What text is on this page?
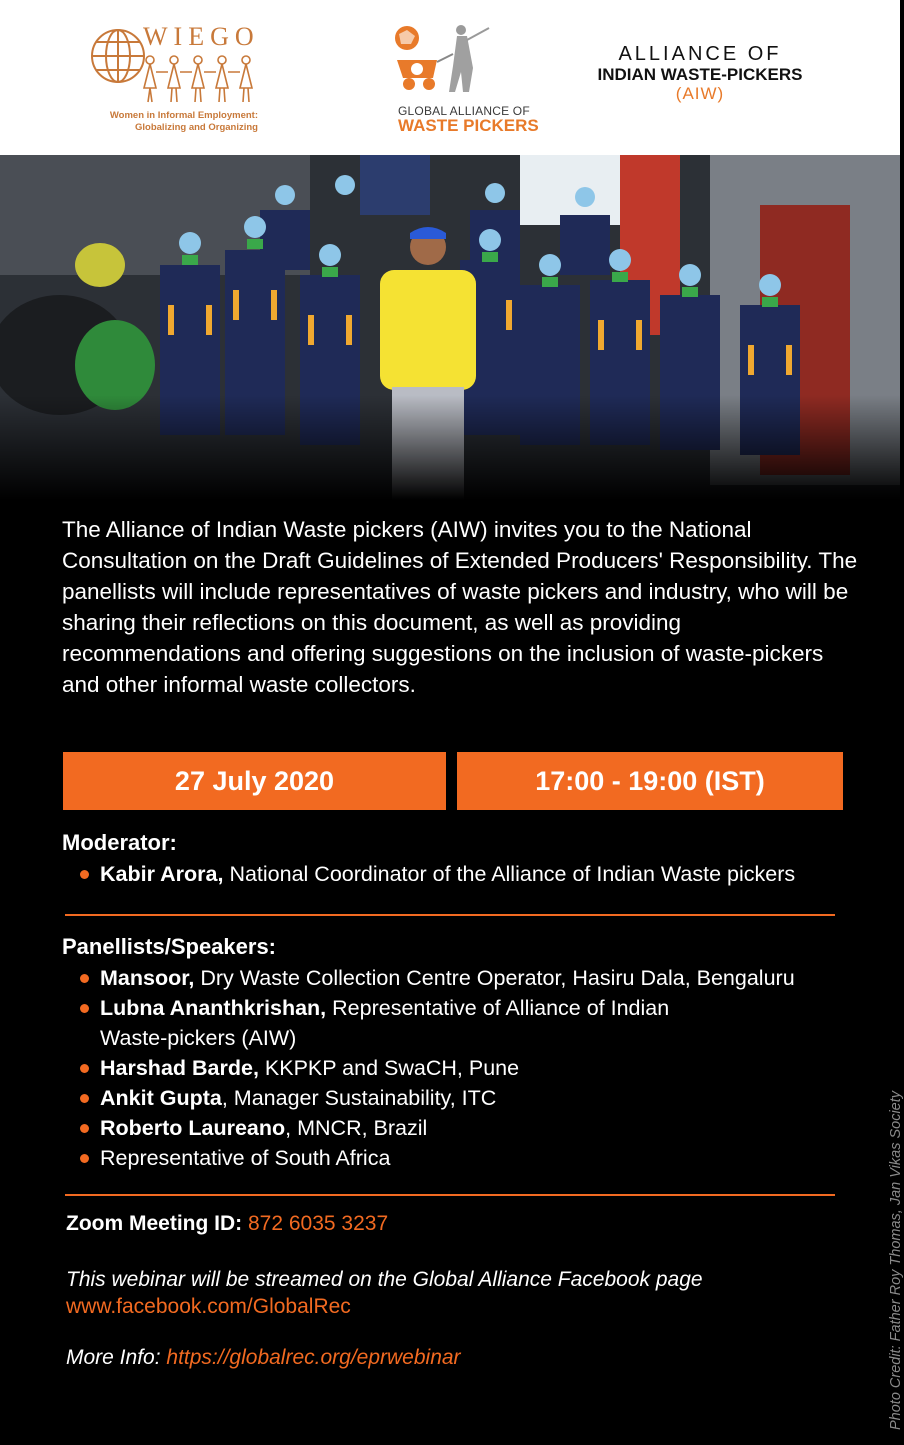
WIEGO
Women in Informal Employment:
Globalizing and Organizing
GLOBAL ALLIANCE OF
WASTE PICKERS
ALLIANCE OF
INDIAN WASTE-PICKERS
(AIW)

The Alliance of Indian Waste pickers (AIW) invites you to the National Consultation on the Draft Guidelines of Extended Producers' Responsibility. The panellists will include representatives of waste pickers and industry, who will be sharing their reflections on this document, as well as providing recommendations and offering suggestions on the inclusion of waste-pickers and other informal waste collectors.

27 July 2020	17:00 - 19:00 (IST)
Moderator:
Kabir Arora, National Coordinator of the Alliance of Indian Waste pickers
Panellists/Speakers:
Mansoor, Dry Waste Collection Centre Operator, Hasiru Dala, Bengaluru
Lubna Ananthkrishan, Representative of Alliance of Indian
Waste-pickers (AIW)
Harshad Barde, KKPKP and SwaCH, Pune
Ankit Gupta, Manager Sustainability, ITC
Roberto Laureano, MNCR, Brazil
Representative of South Africa
Zoom Meeting ID: 872 6035 3237
This webinar will be streamed on the Global Alliance Facebook page
www.facebook.com/GlobalRec
More Info: https://globalrec.org/eprwebinar	Photo Credit: Father Roy Thomas, Jan Vikas Society
